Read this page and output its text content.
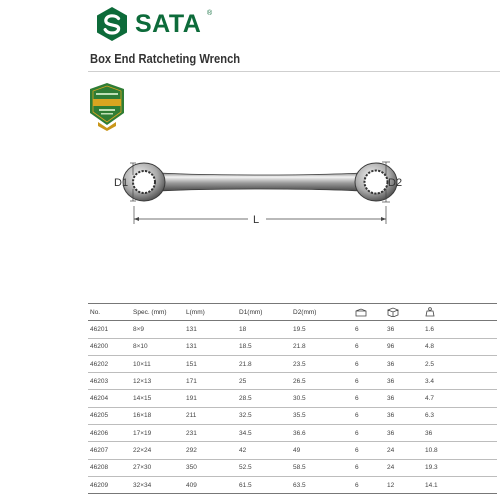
SATA ®
Box End Ratcheting Wrench
D1	D2
L
No.	Spec. (mm)	L(mm)	D1(mm)	D2(mm)			
46201	8×9	131	18	19.5	6	36	1.6
46200	8×10	131	18.5	21.8	6	96	4.8
46202	10×11	151	21.8	23.5	6	36	2.5
46203	12×13	171	25	26.5	6	36	3.4
46204	14×15	191	28.5	30.5	6	36	4.7
46205	16×18	211	32.5	35.5	6	36	6.3
46206	17×19	231	34.5	36.6	6	36	36
46207	22×24	292	42	49	6	24	10.8
46208	27×30	350	52.5	58.5	6	24	19.3
46209	32×34	409	61.5	63.5	6	12	14.1
